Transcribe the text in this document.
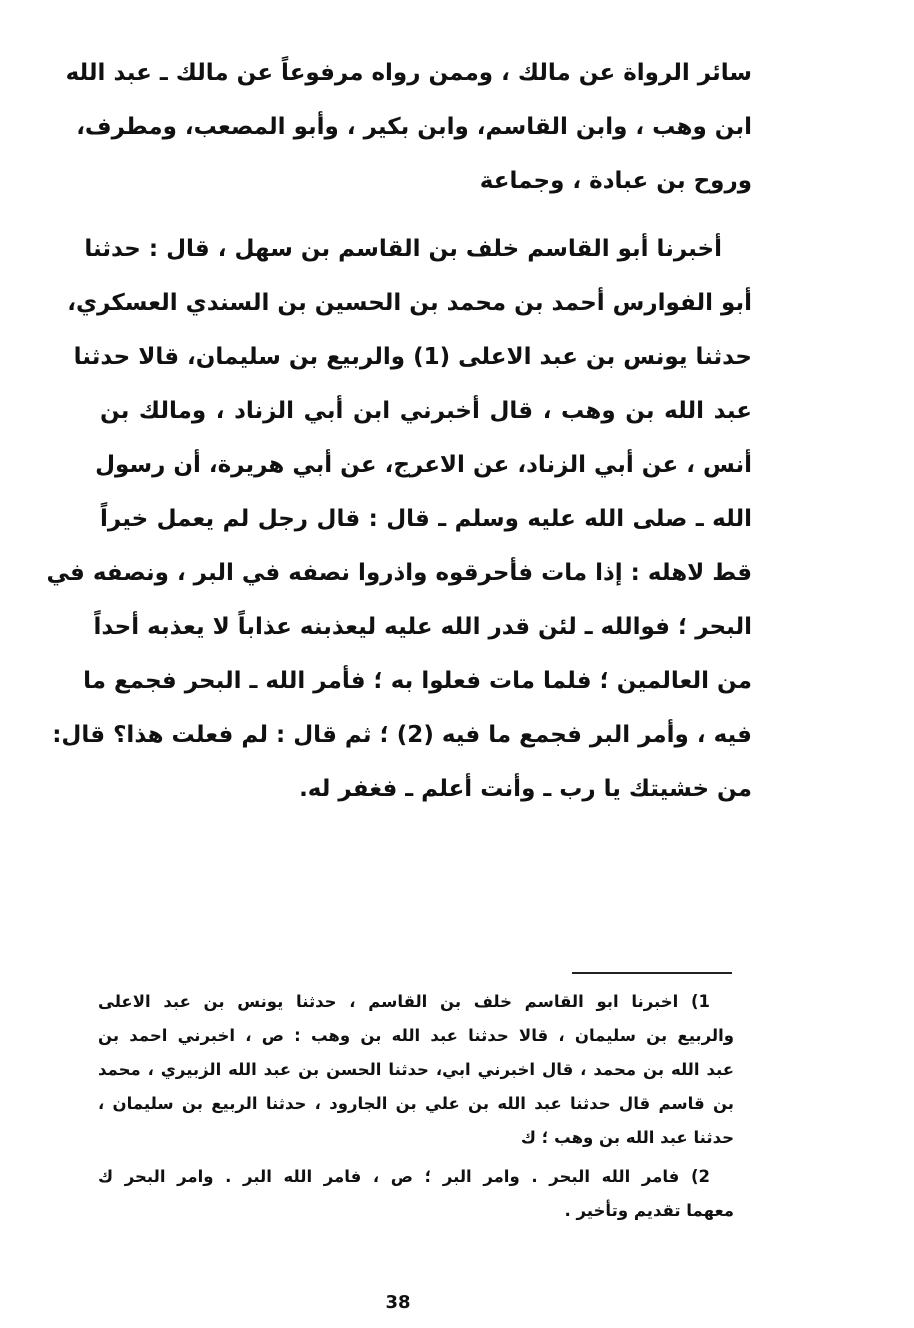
سائر الرواة عن مالك ، وممن رواه مرفوعاً عن مالك ـ عبد الله
ابن وهب ، وابن القاسم، وابن بكير ، وأبو المصعب، ومطرف،
وروح بن عبادة ، وجماعة
أخبرنا أبو القاسم خلف بن القاسم بن سهل ، قال : حدثنا
أبو الفوارس أحمد بن محمد بن الحسين بن السندي العسكري،
حدثنا يونس بن عبد الاعلى (1) والربيع بن سليمان، قالا حدثنا
عبد الله بن وهب ، قال أخبرني ابن أبي الزناد ، ومالك بن
أنس ، عن أبي الزناد، عن الاعرج، عن أبي هريرة، أن رسول
الله ـ صلى الله عليه وسلم ـ قال : قال رجل لم يعمل خيراً
قط لاهله : إذا مات فأحرقوه واذروا نصفه في البر ، ونصفه في
البحر ؛ فوالله ـ لئن قدر الله عليه ليعذبنه عذاباً لا يعذبه أحداً
من العالمين ؛ فلما مات فعلوا به ؛ فأمر الله ـ البحر فجمع ما
فيه ، وأمر البر فجمع ما فيه (2) ؛ ثم قال : لم فعلت هذا؟ قال:
من خشيتك يا رب ـ وأنت أعلم ـ فغفر له.
1) اخبرنا ابو القاسم خلف بن القاسم ، حدثنا يونس بن عبد الاعلى
والربيع بن سليمان ، قالا حدثنا عبد الله بن وهب : ص ، اخبرني احمد بن
عبد الله بن محمد ، قال اخبرني ابي، حدثنا الحسن بن عبد الله الزبيري ، محمد
بن قاسم قال حدثنا عبد الله بن علي بن الجارود ، حدثنا الربيع بن سليمان ،
حدثنا عبد الله بن وهب ؛ ك
2) فامر الله البحر . وامر البر ؛ ص ، فامر الله البر . وامر البحر ك
معهما تقديم وتأخير .
38
